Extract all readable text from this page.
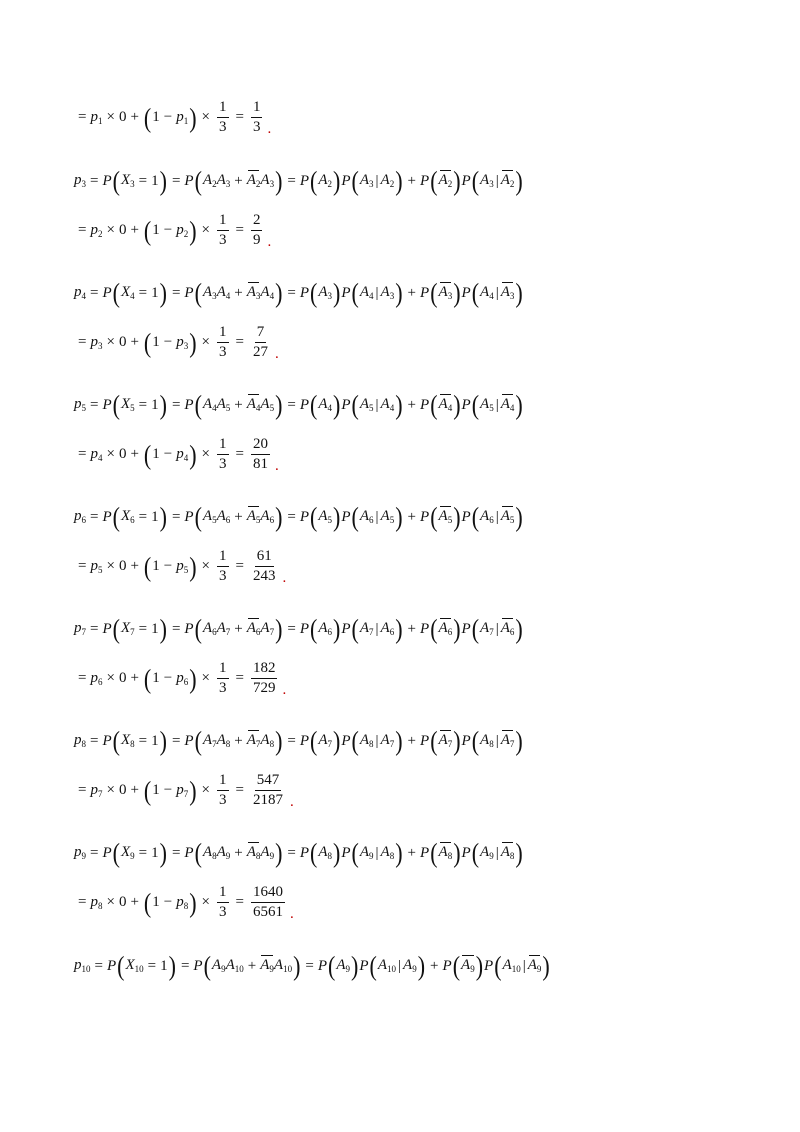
= $p_1 \times 0$ + ( $1 - p_1$ ) × $\frac{1}{3} = \frac{1}{3}$ .
$p_3 = P$ ( $X_3 = 1$ ) = P ( $A_2$ $A_3 + A_2$ $A_3$ ) = P ( $A_2$ ) P ( $A_3$ | $A_2$ ) + P ( $A_2$ ) P ( $A_3$ | $A_2$ )
= $p_2 \times 0$ + ( $1 - p_2$ ) × $\frac{1}{3} = \frac{2}{9}$ .
$p_4 = P$ ( $X_4 = 1$ ) = P ( $A_3$ $A_4 + A_3$ $A_4$ ) = P ( $A_3$ ) P ( $A_4$ | $A_3$ ) + P ( $A_3$ ) P ( $A_4$ | $A_3$ )
= $p_3 \times 0$ + ( $1 - p_3$ ) × $\frac{1}{3} = \frac{7}{27}$ .
$p_5 = P$ ( $X_5 = 1$ ) = P ( $A_4$ $A_5 + A_4$ $A_5$ ) = P ( $A_4$ ) P ( $A_5$ | $A_4$ ) + P ( $A_4$ ) P ( $A_5$ | $A_4$ )
= $p_4 \times 0$ + ( $1 - p_4$ ) × $\frac{1}{3} = \frac{20}{81}$ .
$p_6 = P$ ( $X_6 = 1$ ) = P ( $A_5$ $A_6 + A_5$ $A_6$ ) = P ( $A_5$ ) P ( $A_6$ | $A_5$ ) + P ( $A_5$ ) P ( $A_6$ | $A_5$ )
= $p_5 \times 0$ + ( $1 - p_5$ ) × $\frac{1}{3} = \frac{61}{243}$ .
$p_7 = P$ ( $X_7 = 1$ ) = P ( $A_6$ $A_7 + A_6$ $A_7$ ) = P ( $A_6$ ) P ( $A_7$ | $A_6$ ) + P ( $A_6$ ) P ( $A_7$ | $A_6$ )
= $p_6 \times 0$ + ( $1 - p_6$ ) × $\frac{1}{3} = \frac{182}{729}$ .
$p_8 = P$ ( $X_8 = 1$ ) = P ( $A_7$ $A_8 + A_7$ $A_8$ ) = P ( $A_7$ ) P ( $A_8$ | $A_7$ ) + P ( $A_7$ ) P ( $A_8$ | $A_7$ )
= $p_7 \times 0$ + ( $1 - p_7$ ) × $\frac{1}{3} = \frac{547}{2187}$ .
$p_9 = P$ ( $X_9 = 1$ ) = P ( $A_8$ $A_9 + A_8$ $A_9$ ) = P ( $A_8$ ) P ( $A_9$ | $A_8$ ) + P ( $A_8$ ) P ( $A_9$ | $A_8$ )
= $p_8 \times 0$ + ( $1 - p_8$ ) × $\frac{1}{3} = \frac{1640}{6561}$ .
$p_{10} = P$ ( $X_{10} = 1$ ) = P ( $A_9$ $A_{10} + A_9$ $A_{10}$ ) = P ( $A_9$ ) P ( $A_{10}$ | $A_9$ ) + P ( $A_9$ ) P ( $A_{10}$ | $A_9$ )
